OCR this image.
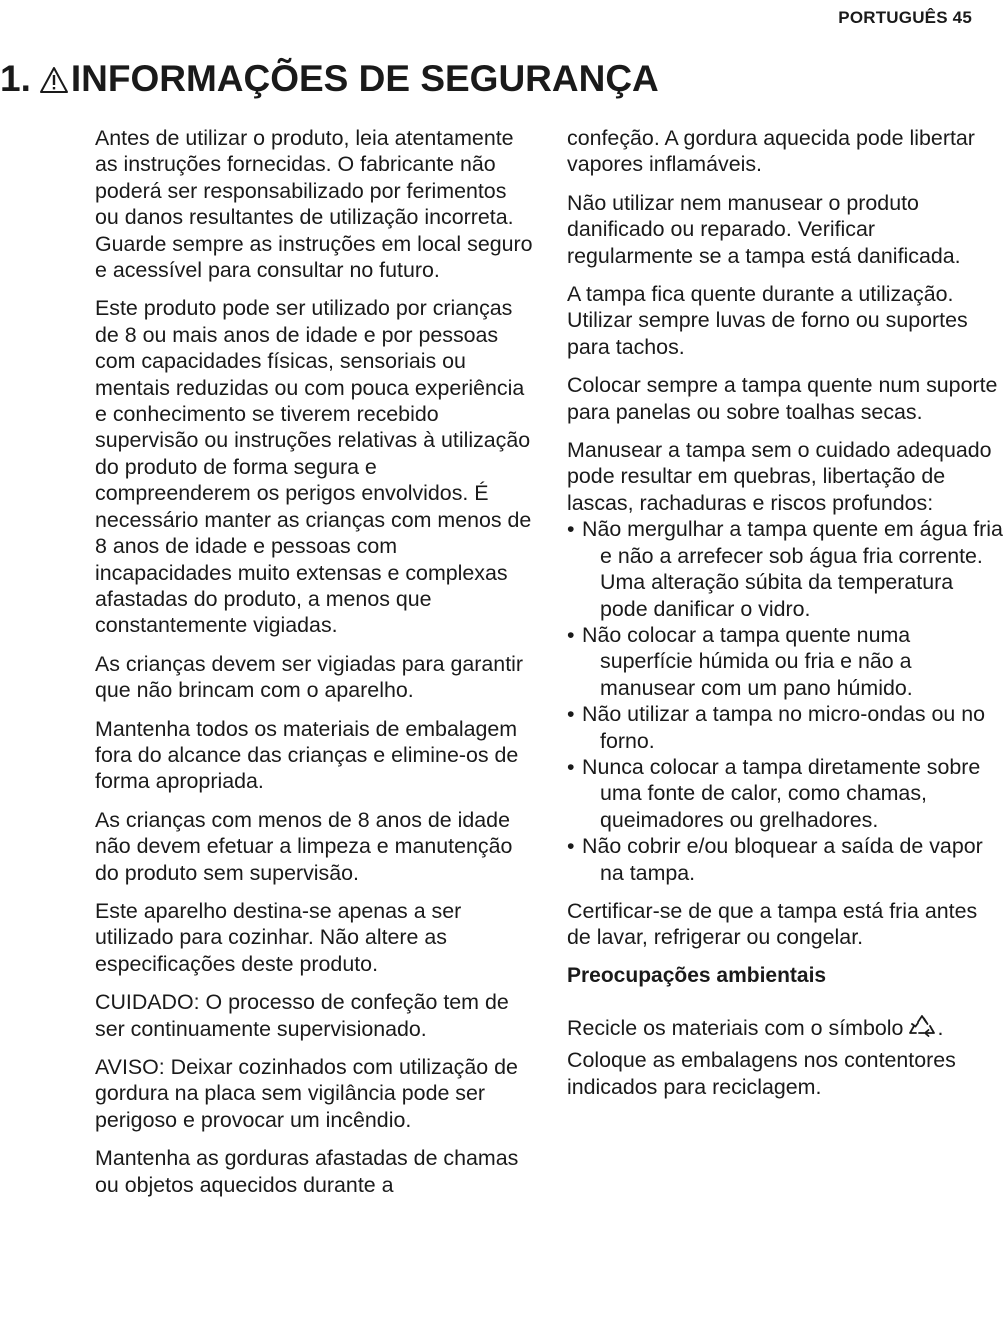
PORTUGUÊS 45
1. INFORMAÇÕES DE SEGURANÇA

Antes de utilizar o produto, leia atentamente as instruções fornecidas. O fabricante não poderá ser responsabilizado por ferimentos ou danos resultantes de utilização incorreta. Guarde sempre as instruções em local seguro e acessível para consultar no futuro.

Este produto pode ser utilizado por crianças de 8 ou mais anos de idade e por pessoas com capacidades físicas, sensoriais ou mentais reduzidas ou com pouca experiência e conhecimento se tiverem recebido supervisão ou instruções relativas à utilização do produto de forma segura e compreenderem os perigos envolvidos. É necessário manter as crianças com menos de 8 anos de idade e pessoas com incapacidades muito extensas e complexas afastadas do produto, a menos que constantemente vigiadas.

As crianças devem ser vigiadas para garantir que não brincam com o aparelho.

Mantenha todos os materiais de embalagem fora do alcance das crianças e elimine-os de forma apropriada.

As crianças com menos de 8 anos de idade não devem efetuar a limpeza e manutenção do produto sem supervisão.

Este aparelho destina-se apenas a ser utilizado para cozinhar. Não altere as especificações deste produto.

CUIDADO: O processo de confeção tem de ser continuamente supervisionado.

AVISO: Deixar cozinhados com utilização de gordura na placa sem vigilância pode ser perigoso e provocar um incêndio.

Mantenha as gorduras afastadas de chamas ou objetos aquecidos durante a

confeção. A gordura aquecida pode libertar vapores inflamáveis.

Não utilizar nem manusear o produto danificado ou reparado. Verificar regularmente se a tampa está danificada.

A tampa fica quente durante a utilização. Utilizar sempre luvas de forno ou suportes para tachos.

Colocar sempre a tampa quente num suporte para panelas ou sobre toalhas secas.

Manusear a tampa sem o cuidado adequado pode resultar em quebras, libertação de lascas, rachaduras e riscos profundos:

• Não mergulhar a tampa quente em água fria e não a arrefecer sob água fria corrente. Uma alteração súbita da temperatura pode danificar o vidro.
• Não colocar a tampa quente numa superfície húmida ou fria e não a manusear com um pano húmido.
• Não utilizar a tampa no micro-ondas ou no forno.
• Nunca colocar a tampa diretamente sobre uma fonte de calor, como chamas, queimadores ou grelhadores.
• Não cobrir e/ou bloquear a saída de vapor na tampa.

Certificar-se de que a tampa está fria antes de lavar, refrigerar ou congelar.

Preocupações ambientais

Recicle os materiais com o símbolo . Coloque as embalagens nos contentores indicados para reciclagem.
